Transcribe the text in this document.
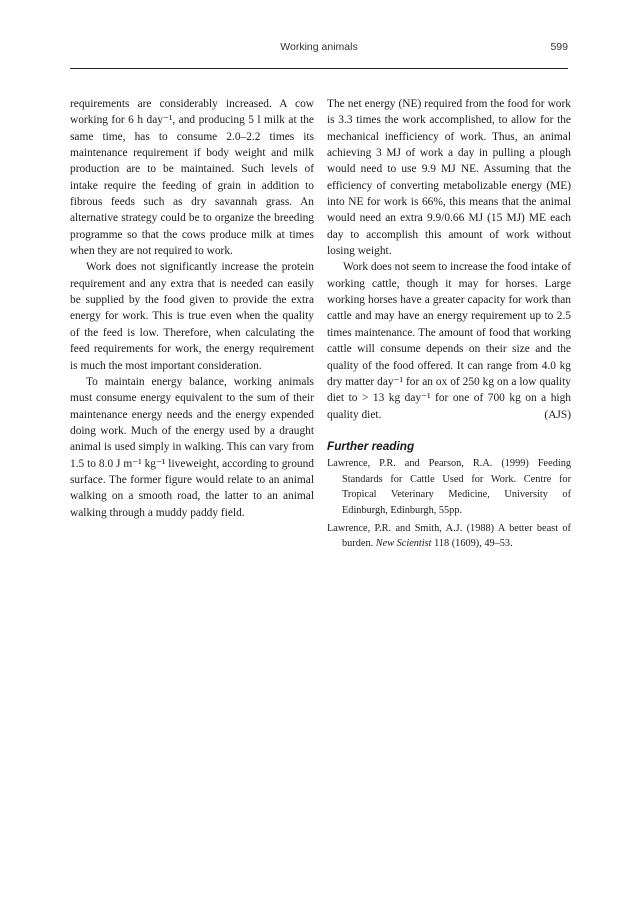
Working animals	599

requirements are considerably increased. A cow working for 6 h day⁻¹, and producing 5 l milk at the same time, has to consume 2.0–2.2 times its maintenance requirement if body weight and milk production are to be maintained. Such levels of intake require the feeding of grain in addition to fibrous feeds such as dry savannah grass. An alternative strategy could be to organize the breeding programme so that the cows produce milk at times when they are not required to work.

Work does not significantly increase the protein requirement and any extra that is needed can easily be supplied by the food given to provide the extra energy for work. This is true even when the quality of the feed is low. Therefore, when calculating the feed requirements for work, the energy requirement is much the most important consideration.

To maintain energy balance, working animals must consume energy equivalent to the sum of their maintenance energy needs and the energy expended doing work. Much of the energy used by a draught animal is used simply in walking. This can vary from 1.5 to 8.0 J m⁻¹ kg⁻¹ liveweight, according to ground surface. The former figure would relate to an animal walking on a smooth road, the latter to an animal walking through a muddy paddy field.

The net energy (NE) required from the food for work is 3.3 times the work accomplished, to allow for the mechanical inefficiency of work. Thus, an animal achieving 3 MJ of work a day in pulling a plough would need to use 9.9 MJ NE. Assuming that the efficiency of converting metabolizable energy (ME) into NE for work is 66%, this means that the animal would need an extra 9.9/0.66 MJ (15 MJ) ME each day to accomplish this amount of work without losing weight.

Work does not seem to increase the food intake of working cattle, though it may for horses. Large working horses have a greater capacity for work than cattle and may have an energy requirement up to 2.5 times maintenance. The amount of food that working cattle will consume depends on their size and the quality of the food offered. It can range from 4.0 kg dry matter day⁻¹ for an ox of 250 kg on a low quality diet to > 13 kg day⁻¹ for one of 700 kg on a high quality diet.	(AJS)

Further reading
Lawrence, P.R. and Pearson, R.A. (1999) Feeding Standards for Cattle Used for Work. Centre for Tropical Veterinary Medicine, University of Edinburgh, Edinburgh, 55pp.
Lawrence, P.R. and Smith, A.J. (1988) A better beast of burden. New Scientist 118 (1609), 49–53.
